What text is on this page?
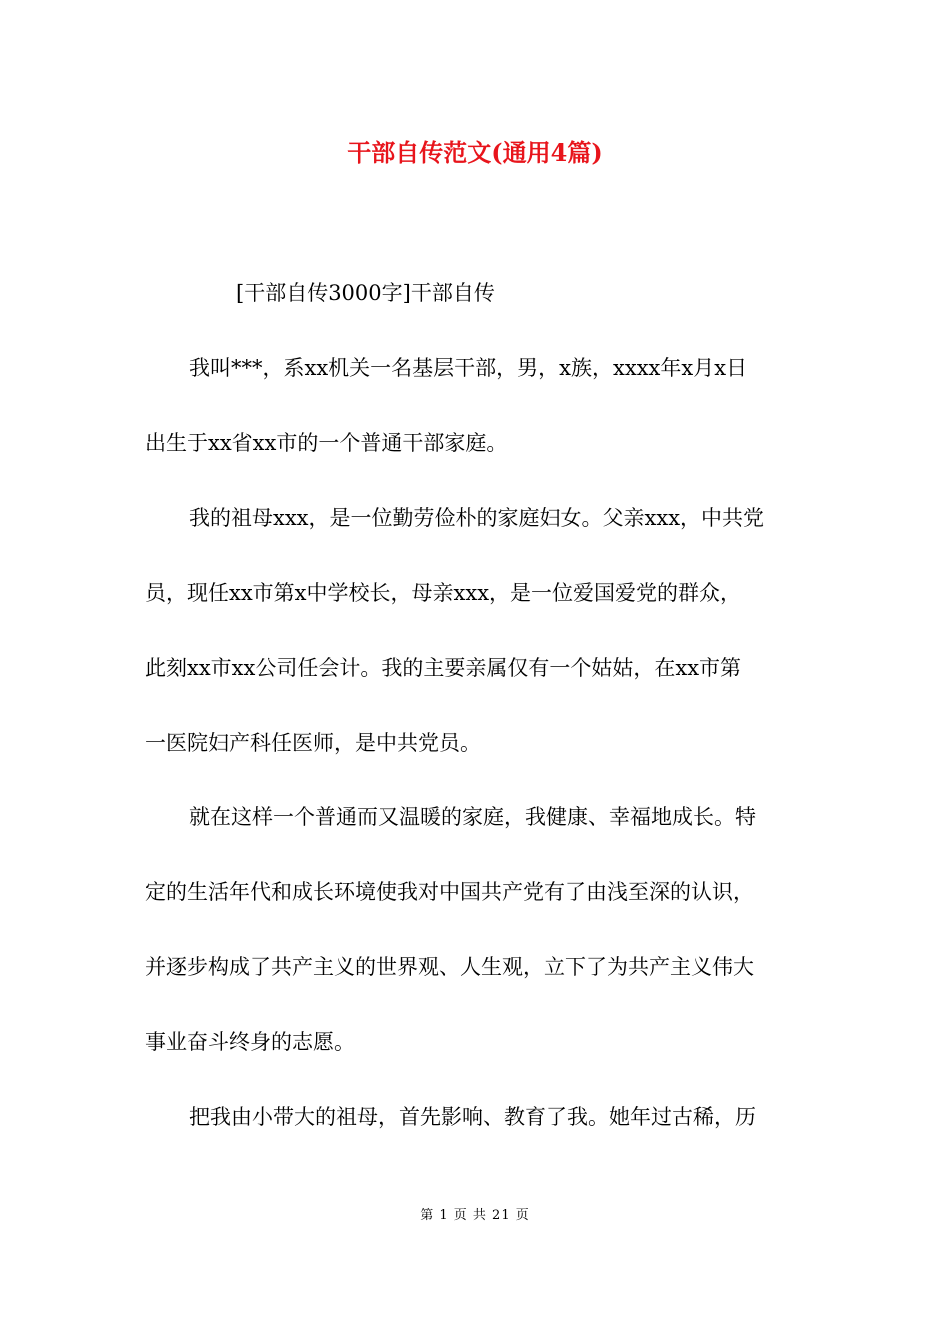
干部自传范文(通用4篇)
[干部自传3000字]干部自传
我叫***，系xx机关一名基层干部，男，x族，xxxx年x月x日
出生于xx省xx市的一个普通干部家庭。
我的祖母xxx，是一位勤劳俭朴的家庭妇女。父亲xxx，中共党
员，现任xx市第x中学校长，母亲xxx，是一位爱国爱党的群众，
此刻xx市xx公司任会计。我的主要亲属仅有一个姑姑，在xx市第
一医院妇产科任医师，是中共党员。
就在这样一个普通而又温暖的家庭，我健康、幸福地成长。特
定的生活年代和成长环境使我对中国共产党有了由浅至深的认识，
并逐步构成了共产主义的世界观、人生观，立下了为共产主义伟大
事业奋斗终身的志愿。
把我由小带大的祖母，首先影响、教育了我。她年过古稀，历
第 1 页 共 21 页
